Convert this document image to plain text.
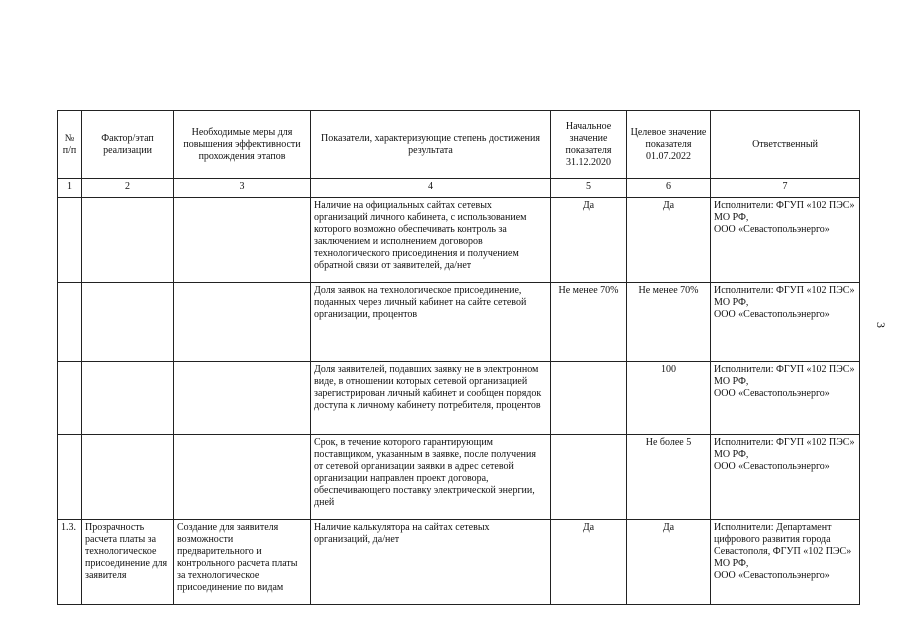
3
№ п/п	Фактор/этап реализации	Необходимые меры для повышения эффективности прохождения этапов	Показатели, характеризующие степень достижения результата	Начальное значение показателя 31.12.2020	Целевое значение показателя 01.07.2022	Ответственный
1	2	3	4	5	6	7
			Наличие на официальных сайтах сетевых организаций личного кабинета, с использованием которого возможно обеспечивать контроль за заключением и исполнением договоров технологического присоединения и получением обратной связи от заявителей, да/нет	Да	Да	Исполнители: ФГУП «102 ПЭС» МО РФ,
ООО «Севастопольэнерго»

			Доля заявок на технологическое присоединение, поданных через личный кабинет на сайте сетевой организации, процентов	Не менее 70%	Не менее 70%	Исполнители: ФГУП «102 ПЭС» МО РФ,
ООО «Севастопольэнерго»

			Доля заявителей, подавших заявку не в электронном виде, в отношении которых сетевой организацией зарегистрирован личный кабинет и сообщен порядок доступа к личному кабинету потребителя, процентов		100	Исполнители: ФГУП «102 ПЭС» МО РФ,
ООО «Севастопольэнерго»

			Срок, в течение которого гарантирующим поставщиком, указанным в заявке, после получения от сетевой организации заявки в адрес сетевой организации направлен проект договора, обеспечивающего поставку электрической энергии, дней		Не более 5	Исполнители: ФГУП «102 ПЭС» МО РФ,
ООО «Севастопольэнерго»

1.3.	Прозрачность расчета платы за технологическое присоединение для заявителя	Создание для заявителя возможности предварительного и контрольного расчета платы за технологическое присоединение по видам	Наличие калькулятора на сайтах сетевых организаций, да/нет	Да	Да	Исполнители: Департамент цифрового развития города Севастополя, ФГУП «102 ПЭС» МО РФ,
ООО «Севастопольэнерго»
